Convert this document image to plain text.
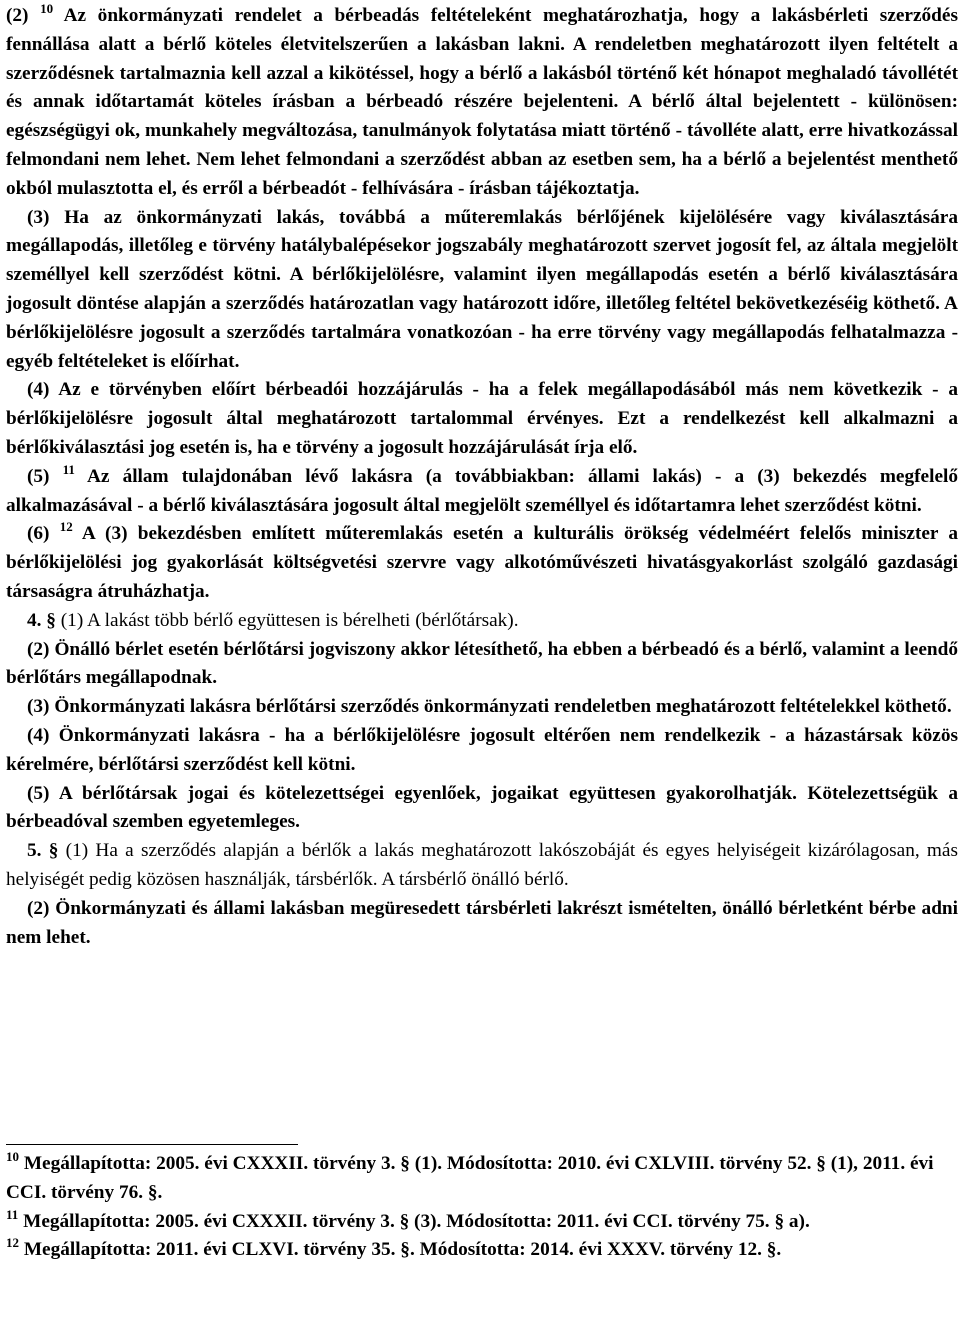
(2) $^{10}$ Az önkormányzati rendelet a bérbeadás feltételeként meghatározhatja, hogy a lakásbérleti szerződés fennállása alatt a bérlő köteles életvitelszerűen a lakásban lakni. A rendeletben meghatározott ilyen feltételt a szerződésnek tartalmaznia kell azzal a kikötéssel, hogy a bérlő a lakásból történő két hónapot meghaladó távollétét és annak időtartamát köteles írásban a bérbeadó részére bejelenteni. A bérlő által bejelentett - különösen: egészségügyi ok, munkahely megváltozása, tanulmányok folytatása miatt történő - távolléte alatt, erre hivatkozással felmondani nem lehet. Nem lehet felmondani a szerződést abban az esetben sem, ha a bérlő a bejelentést menthető okból mulasztotta el, és erről a bérbeadót - felhívására - írásban tájékoztatja.

(3) Ha az önkormányzati lakás, továbbá a műteremlakás bérlőjének kijelölésére vagy kiválasztására megállapodás, illetőleg e törvény hatálybalépésekor jogszabály meghatározott szervet jogosít fel, az általa megjelölt személlyel kell szerződést kötni. A bérlőkijelölésre, valamint ilyen megállapodás esetén a bérlő kiválasztására jogosult döntése alapján a szerződés határozatlan vagy határozott időre, illetőleg feltétel bekövetkezéséig köthető. A bérlőkijelölésre jogosult a szerződés tartalmára vonatkozóan - ha erre törvény vagy megállapodás felhatalmazza - egyéb feltételeket is előírhat.

(4) Az e törvényben előírt bérbeadói hozzájárulás - ha a felek megállapodásából más nem következik - a bérlőkijelölésre jogosult által meghatározott tartalommal érvényes. Ezt a rendelkezést kell alkalmazni a bérlőkiválasztási jog esetén is, ha e törvény a jogosult hozzájárulását írja elő.

(5) $^{11}$ Az állam tulajdonában lévő lakásra (a továbbiakban: állami lakás) - a (3) bekezdés megfelelő alkalmazásával - a bérlő kiválasztására jogosult által megjelölt személlyel és időtartamra lehet szerződést kötni.

(6) $^{12}$ A (3) bekezdésben említett műteremlakás esetén a kulturális örökség védelméért felelős miniszter a bérlőkijelölési jog gyakorlását költségvetési szervre vagy alkotóművészeti hivatásgyakorlást szolgáló gazdasági társaságra átruházhatja.

4. § (1) A lakást több bérlő együttesen is bérelheti (bérlőtársak).

(2) Önálló bérlet esetén bérlőtársi jogviszony akkor létesíthető, ha ebben a bérbeadó és a bérlő, valamint a leendő bérlőtárs megállapodnak.

(3) Önkormányzati lakásra bérlőtársi szerződés önkormányzati rendeletben meghatározott feltételekkel köthető.

(4) Önkormányzati lakásra - ha a bérlőkijelölésre jogosult eltérően nem rendelkezik - a házastársak közös kérelmére, bérlőtársi szerződést kell kötni.

(5) A bérlőtársak jogai és kötelezettségei egyenlőek, jogaikat együttesen gyakorolhatják. Kötelezettségük a bérbeadóval szemben egyetemleges.

5. § (1) Ha a szerződés alapján a bérlők a lakás meghatározott lakószobáját és egyes helyiségeit kizárólagosan, más helyiségét pedig közösen használják, társbérlők. A társbérlő önálló bérlő.

(2) Önkormányzati és állami lakásban megüresedett társbérleti lakrészt ismételten, önálló bérletként bérbe adni nem lehet.

$^{10}$ Megállapította: 2005. évi CXXXII. törvény 3. § (1). Módosította: 2010. évi CXLVIII. törvény 52. § (1), 2011. évi CCI. törvény 76. §.

$^{11}$ Megállapította: 2005. évi CXXXII. törvény 3. § (3). Módosította: 2011. évi CCI. törvény 75. § a).

$^{12}$ Megállapította: 2011. évi CLXVI. törvény 35. §. Módosította: 2014. évi XXXV. törvény 12. §.
